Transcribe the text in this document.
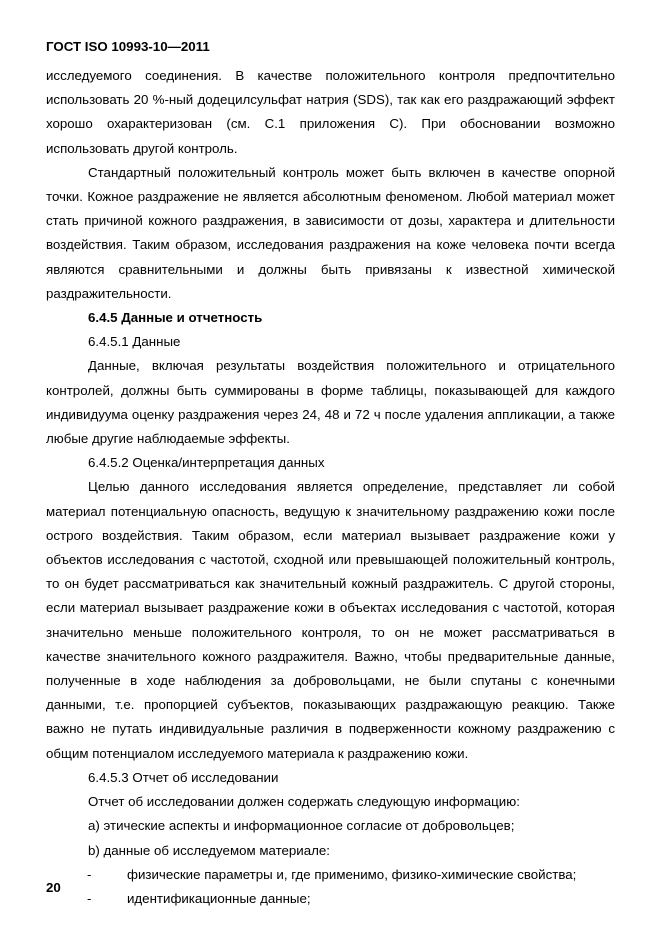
ГОСТ ISO 10993-10—2011

исследуемого соединения. В качестве положительного контроля предпочтительно использовать 20 %-ный додецилсульфат натрия (SDS), так как его раздражающий эффект хорошо охарактеризован (см. С.1 приложения С). При обосновании возможно использовать другой контроль.

Стандартный положительный контроль может быть включен в качестве опорной точки. Кожное раздражение не является абсолютным феноменом. Любой материал может стать причиной кожного раздражения, в зависимости от дозы, характера и длительности воздействия. Таким образом, исследования раздражения на коже человека почти всегда являются сравнительными и должны быть привязаны к известной химической раздражительности.

6.4.5 Данные и отчетность

6.4.5.1 Данные

Данные, включая результаты воздействия положительного и отрицательного контролей, должны быть суммированы в форме таблицы, показывающей для каждого индивидуума оценку раздражения через 24, 48 и 72 ч после удаления аппликации, а также любые другие наблюдаемые эффекты.

6.4.5.2 Оценка/интерпретация данных

Целью данного исследования является определение, представляет ли собой материал потенциальную опасность, ведущую к значительному раздражению кожи после острого воздействия. Таким образом, если материал вызывает раздражение кожи у объектов исследования с частотой, сходной или превышающей положительный контроль, то он будет рассматриваться как значительный кожный раздражитель. С другой стороны, если материал вызывает раздражение кожи в объектах исследования с частотой, которая значительно меньше положительного контроля, то он не может рассматриваться в качестве значительного кожного раздражителя. Важно, чтобы предварительные данные, полученные в ходе наблюдения за добровольцами, не были спутаны с конечными данными, т.е. пропорцией субъектов, показывающих раздражающую реакцию. Также важно не путать индивидуальные различия в подверженности кожному раздражению с общим потенциалом исследуемого материала к раздражению кожи.

6.4.5.3 Отчет об исследовании

Отчет об исследовании должен содержать следующую информацию:

a) этические аспекты и информационное согласие от добровольцев;

b) данные об исследуемом материале:

-	физические параметры и, где применимо, физико-химические свойства;
-	идентификационные данные;
20
